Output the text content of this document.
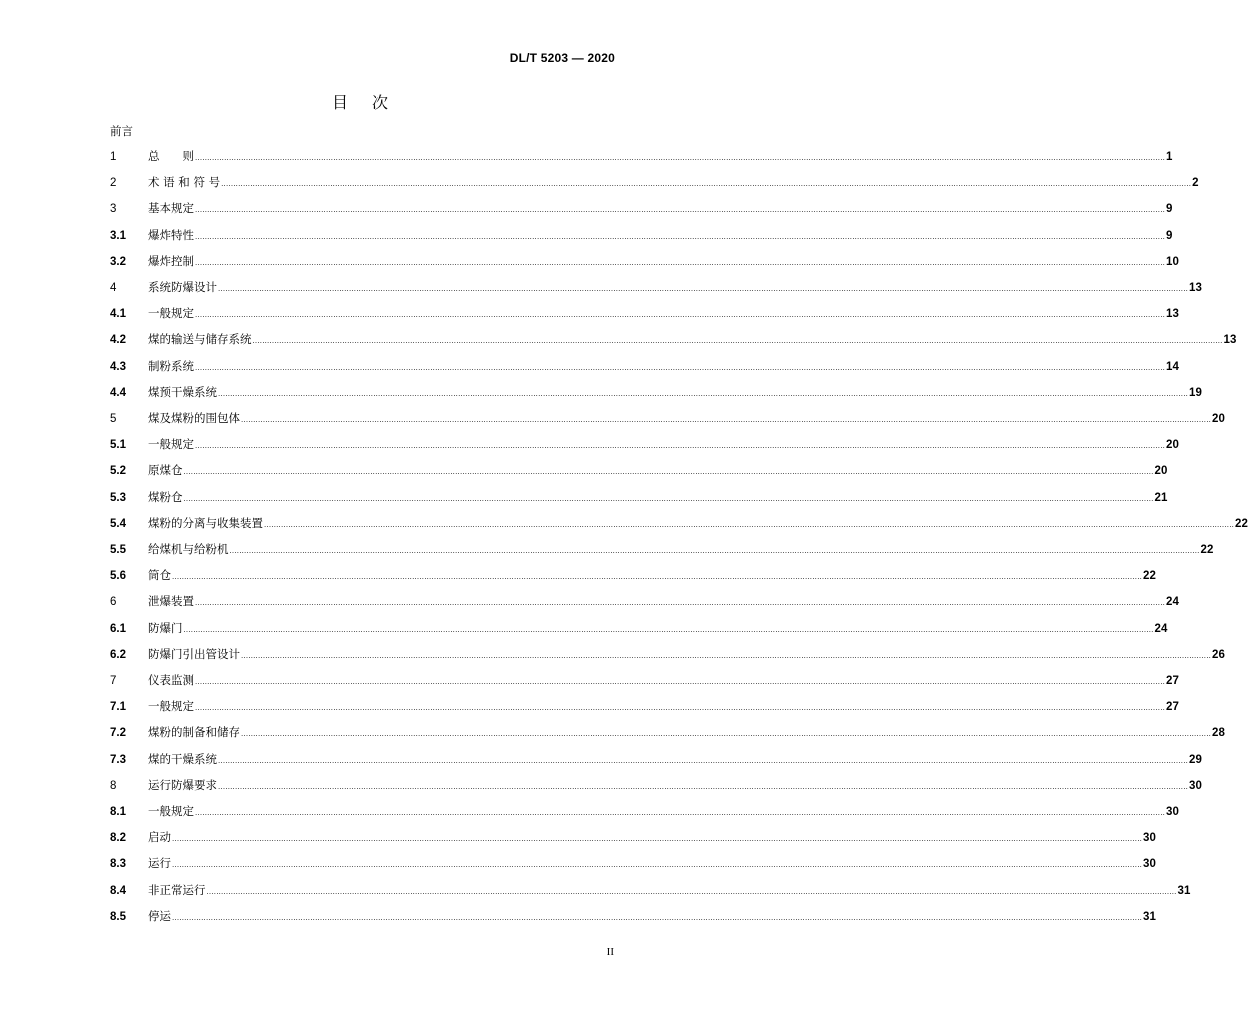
DL/T 5203 — 2020
目 次
前言
1	总　　则 ................................................................................................................................................................................................................................................................................................................................................................................................................ 1
2	术 语 和 符 号 ................................................................................................................................................................................................................................................................................................................................................................................................................ 2
3	基本规定 ................................................................................................................................................................................................................................................................................................................................................................................................................ 9
3.1	爆炸特性 ................................................................................................................................................................................................................................................................................................................................................................................................................ 9
3.2	爆炸控制 ................................................................................................................................................................................................................................................................................................................................................................................................................ 10
4	系统防爆设计 ................................................................................................................................................................................................................................................................................................................................................................................................................ 13
4.1	一般规定 ................................................................................................................................................................................................................................................................................................................................................................................................................ 13
4.2	煤的输送与储存系统 ................................................................................................................................................................................................................................................................................................................................................................................................................ 13
4.3	制粉系统 ................................................................................................................................................................................................................................................................................................................................................................................................................ 14
4.4	煤预干燥系统 ................................................................................................................................................................................................................................................................................................................................................................................................................ 19
5	煤及煤粉的围包体 ................................................................................................................................................................................................................................................................................................................................................................................................................ 20
5.1	一般规定 ................................................................................................................................................................................................................................................................................................................................................................................................................ 20
5.2	原煤仓 ................................................................................................................................................................................................................................................................................................................................................................................................................ 20
5.3	煤粉仓 ................................................................................................................................................................................................................................................................................................................................................................................................................ 21
5.4	煤粉的分离与收集装置 ................................................................................................................................................................................................................................................................................................................................................................................................................ 22
5.5	给煤机与给粉机 ................................................................................................................................................................................................................................................................................................................................................................................................................ 22
5.6	筒仓 ................................................................................................................................................................................................................................................................................................................................................................................................................ 22
6	泄爆装置 ................................................................................................................................................................................................................................................................................................................................................................................................................ 24
6.1	防爆门 ................................................................................................................................................................................................................................................................................................................................................................................................................ 24
6.2	防爆门引出管设计 ................................................................................................................................................................................................................................................................................................................................................................................................................ 26
7	仪表监测 ................................................................................................................................................................................................................................................................................................................................................................................................................ 27
7.1	一般规定 ................................................................................................................................................................................................................................................................................................................................................................................................................ 27
7.2	煤粉的制备和储存 ................................................................................................................................................................................................................................................................................................................................................................................................................ 28
7.3	煤的干燥系统 ................................................................................................................................................................................................................................................................................................................................................................................................................ 29
8	运行防爆要求 ................................................................................................................................................................................................................................................................................................................................................................................................................ 30
8.1	一般规定 ................................................................................................................................................................................................................................................................................................................................................................................................................ 30
8.2	启动 ................................................................................................................................................................................................................................................................................................................................................................................................................ 30
8.3	运行 ................................................................................................................................................................................................................................................................................................................................................................................................................ 30
8.4	非正常运行 ................................................................................................................................................................................................................................................................................................................................................................................................................ 31
8.5	停运 ................................................................................................................................................................................................................................................................................................................................................................................................................ 31
II
